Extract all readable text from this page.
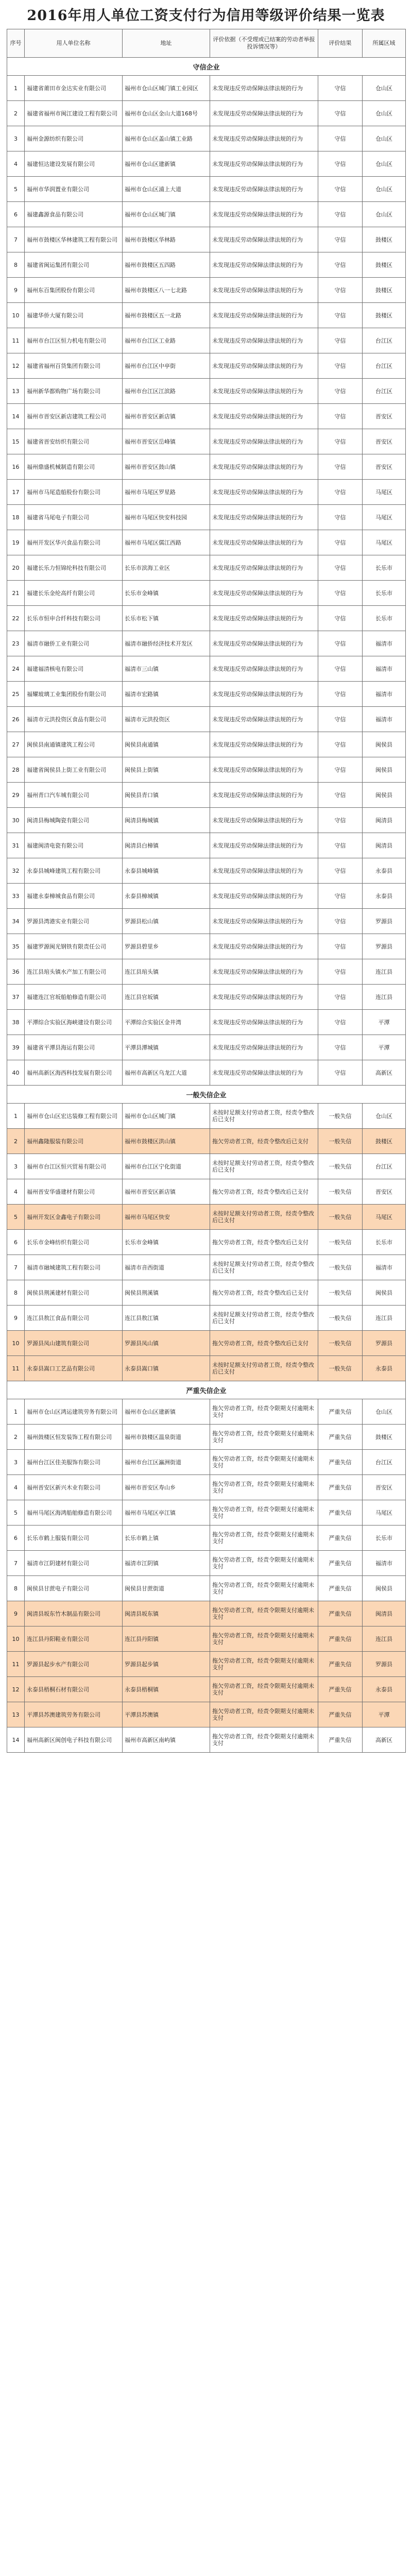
2016年用人单位工资支付行为信用等级评价结果一览表
序号	用人单位名称	地址	评价依据（不受理或已结案的劳动者举报投诉情况等）	评价结果	所属区域
守信企业					
1	福建省莆田市金达实业有限公司	福州市仓山区城门镇工业园区	未发现违反劳动保障法律法规的行为	守信	仓山区
2	福建省福州市闽江建设工程有限公司	福州市仓山区金山大道168号	未发现违反劳动保障法律法规的行为	守信	仓山区
3	福州金源纺织有限公司	福州市仓山区盖山镇工业路	未发现违反劳动保障法律法规的行为	守信	仓山区
4	福建恒达建设发展有限公司	福州市仓山区建新镇	未发现违反劳动保障法律法规的行为	守信	仓山区
5	福州市华润置业有限公司	福州市仓山区浦上大道	未发现违反劳动保障法律法规的行为	守信	仓山区
6	福建鑫源食品有限公司	福州市仓山区城门镇	未发现违反劳动保障法律法规的行为	守信	仓山区
7	福州市鼓楼区华林建筑工程有限公司	福州市鼓楼区华林路	未发现违反劳动保障法律法规的行为	守信	鼓楼区
8	福建省闽运集团有限公司	福州市鼓楼区五四路	未发现违反劳动保障法律法规的行为	守信	鼓楼区
9	福州东百集团股份有限公司	福州市鼓楼区八一七北路	未发现违反劳动保障法律法规的行为	守信	鼓楼区
10	福建华侨大厦有限公司	福州市鼓楼区五一北路	未发现违反劳动保障法律法规的行为	守信	鼓楼区
11	福州市台江区恒力机电有限公司	福州市台江区工业路	未发现违反劳动保障法律法规的行为	守信	台江区
12	福建省福州百货集团有限公司	福州市台江区中亭街	未发现违反劳动保障法律法规的行为	守信	台江区
13	福州新华都购物广场有限公司	福州市台江区江滨路	未发现违反劳动保障法律法规的行为	守信	台江区
14	福州市晋安区新店建筑工程公司	福州市晋安区新店镇	未发现违反劳动保障法律法规的行为	守信	晋安区
15	福建省晋安纺织有限公司	福州市晋安区岳峰镇	未发现违反劳动保障法律法规的行为	守信	晋安区
16	福州鼎盛机械制造有限公司	福州市晋安区鼓山镇	未发现违反劳动保障法律法规的行为	守信	晋安区
17	福州市马尾造船股份有限公司	福州市马尾区罗星路	未发现违反劳动保障法律法规的行为	守信	马尾区
18	福建省马尾电子有限公司	福州市马尾区快安科技园	未发现违反劳动保障法律法规的行为	守信	马尾区
19	福州开发区华兴食品有限公司	福州市马尾区儒江西路	未发现违反劳动保障法律法规的行为	守信	马尾区
20	福建长乐力恒锦纶科技有限公司	长乐市滨海工业区	未发现违反劳动保障法律法规的行为	守信	长乐市
21	福建长乐金纶高纤有限公司	长乐市金峰镇	未发现违反劳动保障法律法规的行为	守信	长乐市
22	长乐市恒申合纤科技有限公司	长乐市松下镇	未发现违反劳动保障法律法规的行为	守信	长乐市
23	福清市融侨工业有限公司	福清市融侨经济技术开发区	未发现违反劳动保障法律法规的行为	守信	福清市
24	福建福清核电有限公司	福清市三山镇	未发现违反劳动保障法律法规的行为	守信	福清市
25	福耀玻璃工业集团股份有限公司	福清市宏路镇	未发现违反劳动保障法律法规的行为	守信	福清市
26	福清市元洪投资区食品有限公司	福清市元洪投资区	未发现违反劳动保障法律法规的行为	守信	福清市
27	闽侯县南通镇建筑工程公司	闽侯县南通镇	未发现违反劳动保障法律法规的行为	守信	闽侯县
28	福建省闽侯县上街工业有限公司	闽侯县上街镇	未发现违反劳动保障法律法规的行为	守信	闽侯县
29	福州青口汽车城有限公司	闽侯县青口镇	未发现违反劳动保障法律法规的行为	守信	闽侯县
30	闽清县梅城陶瓷有限公司	闽清县梅城镇	未发现违反劳动保障法律法规的行为	守信	闽清县
31	福建闽清电瓷有限公司	闽清县白樟镇	未发现违反劳动保障法律法规的行为	守信	闽清县
32	永泰县城峰建筑工程有限公司	永泰县城峰镇	未发现违反劳动保障法律法规的行为	守信	永泰县
33	福建永泰樟城食品有限公司	永泰县樟城镇	未发现违反劳动保障法律法规的行为	守信	永泰县
34	罗源县湾港实业有限公司	罗源县松山镇	未发现违反劳动保障法律法规的行为	守信	罗源县
35	福建罗源闽光钢铁有限责任公司	罗源县碧里乡	未发现违反劳动保障法律法规的行为	守信	罗源县
36	连江县琯头镇水产加工有限公司	连江县琯头镇	未发现违反劳动保障法律法规的行为	守信	连江县
37	福建连江官坂船舶修造有限公司	连江县官坂镇	未发现违反劳动保障法律法规的行为	守信	连江县
38	平潭综合实验区海峡建设有限公司	平潭综合实验区金井湾	未发现违反劳动保障法律法规的行为	守信	平潭
39	福建省平潭县海运有限公司	平潭县潭城镇	未发现违反劳动保障法律法规的行为	守信	平潭
40	福州高新区海西科技发展有限公司	福州市高新区乌龙江大道	未发现违反劳动保障法律法规的行为	守信	高新区
一般失信企业					
1	福州市仓山区宏达装修工程有限公司	福州市仓山区城门镇	未按时足额支付劳动者工资，经责令整改后已支付	一般失信	仓山区
2	福州鑫隆服装有限公司	福州市鼓楼区洪山镇	拖欠劳动者工资，经责令整改后已支付	一般失信	鼓楼区
3	福州市台江区恒兴贸易有限公司	福州市台江区宁化街道	未按时足额支付劳动者工资，经责令整改后已支付	一般失信	台江区
4	福州晋安华盛建材有限公司	福州市晋安区新店镇	拖欠劳动者工资，经责令整改后已支付	一般失信	晋安区
5	福州开发区金鑫电子有限公司	福州市马尾区快安	未按时足额支付劳动者工资，经责令整改后已支付	一般失信	马尾区
6	长乐市金峰纺织有限公司	长乐市金峰镇	拖欠劳动者工资，经责令整改后已支付	一般失信	长乐市
7	福清市融城建筑工程有限公司	福清市音西街道	未按时足额支付劳动者工资，经责令整改后已支付	一般失信	福清市
8	闽侯县荆溪建材有限公司	闽侯县荆溪镇	拖欠劳动者工资，经责令整改后已支付	一般失信	闽侯县
9	连江县敖江食品有限公司	连江县敖江镇	未按时足额支付劳动者工资，经责令整改后已支付	一般失信	连江县
10	罗源县凤山建筑有限公司	罗源县凤山镇	拖欠劳动者工资，经责令整改后已支付	一般失信	罗源县
11	永泰县嵩口工艺品有限公司	永泰县嵩口镇	未按时足额支付劳动者工资，经责令整改后已支付	一般失信	永泰县
严重失信企业					
1	福州市仓山区鸿运建筑劳务有限公司	福州市仓山区建新镇	拖欠劳动者工资，经责令限期支付逾期未支付	严重失信	仓山区
2	福州鼓楼区恒发装饰工程有限公司	福州市鼓楼区温泉街道	拖欠劳动者工资，经责令限期支付逾期未支付	严重失信	鼓楼区
3	福州台江区佳美服饰有限公司	福州市台江区瀛洲街道	拖欠劳动者工资，经责令限期支付逾期未支付	严重失信	台江区
4	福州晋安区新兴木业有限公司	福州市晋安区寿山乡	拖欠劳动者工资，经责令限期支付逾期未支付	严重失信	晋安区
5	福州马尾区海鸿船舶修造有限公司	福州市马尾区亭江镇	拖欠劳动者工资，经责令限期支付逾期未支付	严重失信	马尾区
6	长乐市鹤上服装有限公司	长乐市鹤上镇	拖欠劳动者工资，经责令限期支付逾期未支付	严重失信	长乐市
7	福清市江阴建材有限公司	福清市江阴镇	拖欠劳动者工资，经责令限期支付逾期未支付	严重失信	福清市
8	闽侯县甘蔗电子有限公司	闽侯县甘蔗街道	拖欠劳动者工资，经责令限期支付逾期未支付	严重失信	闽侯县
9	闽清县坂东竹木制品有限公司	闽清县坂东镇	拖欠劳动者工资，经责令限期支付逾期未支付	严重失信	闽清县
10	连江县丹阳鞋业有限公司	连江县丹阳镇	拖欠劳动者工资，经责令限期支付逾期未支付	严重失信	连江县
11	罗源县起步水产有限公司	罗源县起步镇	拖欠劳动者工资，经责令限期支付逾期未支付	严重失信	罗源县
12	永泰县梧桐石材有限公司	永泰县梧桐镇	拖欠劳动者工资，经责令限期支付逾期未支付	严重失信	永泰县
13	平潭县苏澳建筑劳务有限公司	平潭县苏澳镇	拖欠劳动者工资，经责令限期支付逾期未支付	严重失信	平潭
14	福州高新区闽创电子科技有限公司	福州市高新区南屿镇	拖欠劳动者工资，经责令限期支付逾期未支付	严重失信	高新区
